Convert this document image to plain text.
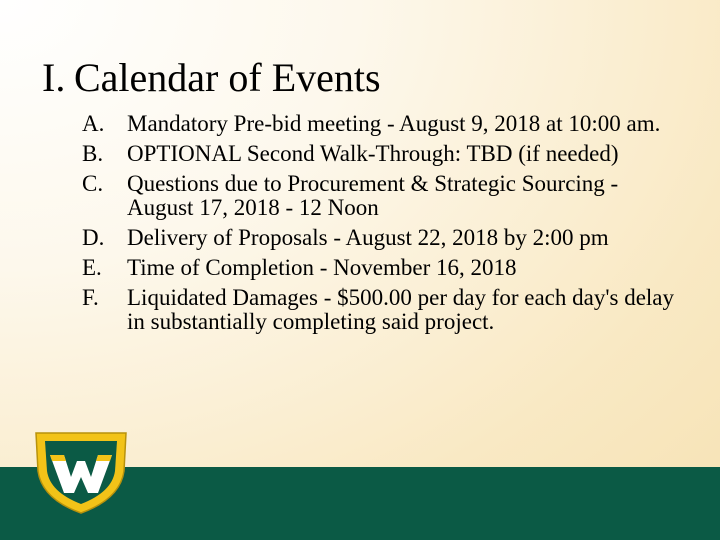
I. Calendar of Events
A. Mandatory Pre-bid meeting - August 9, 2018 at 10:00 am.
B. OPTIONAL Second Walk-Through: TBD (if needed)
C. Questions due to Procurement & Strategic Sourcing - August 17, 2018 - 12 Noon
D. Delivery of Proposals - August 22, 2018 by 2:00 pm
E. Time of Completion - November 16, 2018
F. Liquidated Damages - $500.00 per day for each day's delay in substantially completing said project.
